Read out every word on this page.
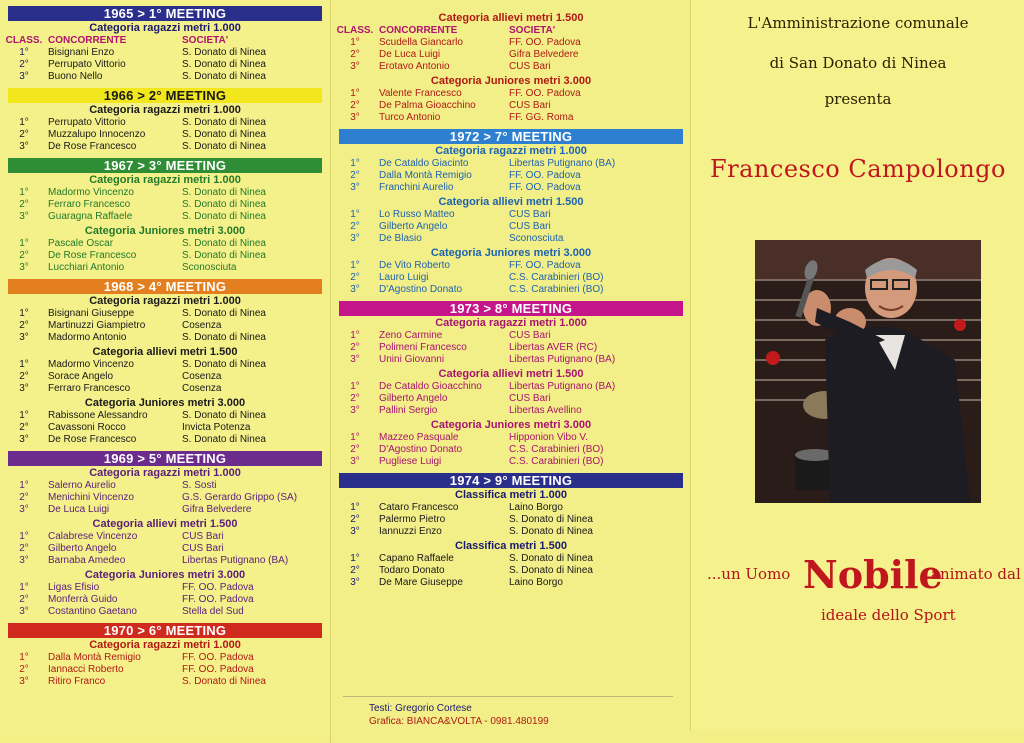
1965 > 1° MEETING
Categoria ragazzi metri 1.000
CLASS. CONCORRENTE	SOCIETA'
1°	Bisignani Enzo	S. Donato di Ninea
2°	Perrupato Vittorio	S. Donato di Ninea
3°	Buono Nello	S. Donato di Ninea
1966 > 2° MEETING
Categoria ragazzi metri 1.000
1°	Perrupato Vittorio	S. Donato di Ninea
2°	Muzzalupo Innocenzo	S. Donato di Ninea
3°	De Rose Francesco	S. Donato di Ninea
1967 > 3° MEETING
Categoria ragazzi metri 1.000
1°	Madormo Vincenzo	S. Donato di Ninea
2°	Ferraro Francesco	S. Donato di Ninea
3°	Guaragna Raffaele	S. Donato di Ninea
Categoria Juniores metri 3.000
1°	Pascale Oscar	S. Donato di Ninea
2°	De Rose Francesco	S. Donato di Ninea
3°	Lucchiari Antonio	Sconosciuta
1968 > 4° MEETING
Categoria ragazzi metri 1.000
1°	Bisignani Giuseppe	S. Donato di Ninea
2°	Martinuzzi Giampietro	Cosenza
3°	Madormo Antonio	S. Donato di Ninea
Categoria allievi metri 1.500
1°	Madormo Vincenzo	S. Donato di Ninea
2°	Sorace Angelo	Cosenza
3°	Ferraro Francesco	Cosenza
Categoria Juniores metri 3.000
1°	Rabissone Alessandro	S. Donato di Ninea
2°	Cavassoni Rocco	Invicta Potenza
3°	De Rose Francesco	S. Donato di Ninea
1969 > 5° MEETING
Categoria ragazzi metri 1.000
1°	Salerno Aurelio	S. Sosti
2°	Menichini Vincenzo	G.S. Gerardo Grippo (SA)
3°	De Luca Luigi	Gifra Belvedere
Categoria allievi metri 1.500
1°	Calabrese Vincenzo	CUS Bari
2°	Gilberto Angelo	CUS Bari
3°	Barnaba Amedeo	Libertas Putignano (BA)
Categoria Juniores metri 3.000
1°	Ligas Efisio	FF. OO. Padova
2°	Monferrà Guido	FF. OO. Padova
3°	Costantino Gaetano	Stella del Sud
1970 > 6° MEETING
Categoria ragazzi metri 1.000
1°	Dalla Montà Remigio	FF. OO. Padova
2°	Iannacci Roberto	FF. OO. Padova
3°	Ritiro Franco	S. Donato di Ninea
Categoria allievi metri 1.500
CLASS. CONCORRENTE	SOCIETA'
1°	Scudella Giancarlo	FF. OO. Padova
2°	De Luca Luigi	Gifra Belvedere
3°	Erotavo Antonio	CUS Bari
Categoria Juniores metri 3.000
1°	Valente Francesco	FF. OO. Padova
2°	De Palma Gioacchino	CUS Bari
3°	Turco Antonio	FF. GG. Roma
1972 > 7° MEETING
Categoria ragazzi metri 1.000
1°	De Cataldo Giacinto	Libertas Putignano (BA)
2°	Dalla Montà Remigio	FF. OO. Padova
3°	Franchini Aurelio	FF. OO. Padova
Categoria allievi metri 1.500
1°	Lo Russo Matteo	CUS Bari
2°	Gilberto Angelo	CUS Bari
3°	De Blasio	Sconosciuta
Categoria Juniores metri 3.000
1°	De Vito Roberto	FF. OO. Padova
2°	Lauro Luigi	C.S. Carabinieri (BO)
3°	D'Agostino Donato	C.S. Carabinieri (BO)
1973 > 8° MEETING
Categoria ragazzi metri 1.000
1°	Zeno Carmine	CUS Bari
2°	Polimeni Francesco	Libertas AVER (RC)
3°	Unini Giovanni	Libertas Putignano (BA)
Categoria allievi metri 1.500
1°	De Cataldo Gioacchino	Libertas Putignano (BA)
2°	Gilberto Angelo	CUS Bari
3°	Pallini Sergio	Libertas Avellino
Categoria Juniores metri 3.000
1°	Mazzeo Pasquale	Hipponion Vibo V.
2°	D'Agostino Donato	C.S. Carabinieri (BO)
3°	Pugliese Luigi	C.S. Carabinieri (BO)
1974 > 9° MEETING
Classifica metri 1.000
1°	Cataro Francesco	Laino Borgo
2°	Palermo Pietro	S. Donato di Ninea
3°	Iannuzzi Enzo	S. Donato di Ninea
Classifica metri 1.500
1°	Capano Raffaele	S. Donato di Ninea
2°	Todaro Donato	S. Donato di Ninea
3°	De Mare Giuseppe	Laino Borgo
Testi: Gregorio Cortese
Grafica: BIANCA&VOLTA - 0981.480199
L'Amministrazione comunale
di San Donato di Ninea
presenta
Francesco Campolongo
...un Uomo Nobile
animato dal
ideale dello Sport
